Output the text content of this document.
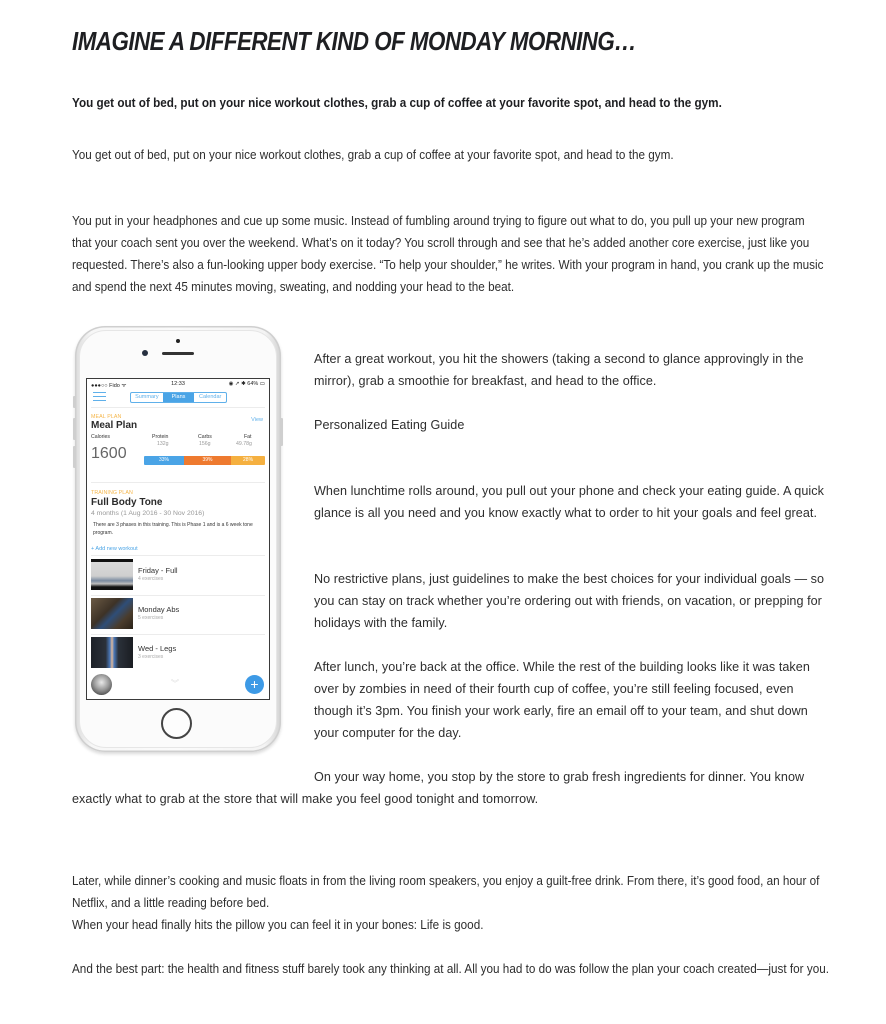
IMAGINE A DIFFERENT KIND OF MONDAY MORNING…

You get out of bed, put on your nice workout clothes, grab a cup of coffee at your favorite spot, and head to the gym.

You get out of bed, put on your nice workout clothes, grab a cup of coffee at your favorite spot, and head to the gym.

You put in your headphones and cue up some music. Instead of fumbling around trying to figure out what to do, you pull up your new program that your coach sent you over the weekend. What’s on it today? You scroll through and see that he’s added another core exercise, just like you requested. There’s also a fun-looking upper body exercise. “To help your shoulder,” he writes. With your program in hand, you crank up the music and spend the next 45 minutes moving, sweating, and nodding your head to the beat.

After a great workout, you hit the showers (taking a second to glance approvingly in the mirror), grab a smoothie for breakfast, and head to the office.

Personalized Eating Guide

When lunchtime rolls around, you pull out your phone and check your eating guide. A quick glance is all you need and you know exactly what to order to hit your goals and feel great.

No restrictive plans, just guidelines to make the best choices for your individual goals — so you can stay on track whether you’re ordering out with friends, on vacation, or prepping for holidays with the family.

After lunch, you’re back at the office. While the rest of the building looks like it was taken over by zombies in need of their fourth cup of coffee, you’re still feeling focused, even though it’s 3pm. You finish your work early, fire an email off to your team, and shut down your computer for the day.

On your way home, you stop by the store to grab fresh ingredients for dinner. You know exactly what to grab at the store that will make you feel good tonight and tomorrow.

Later, while dinner’s cooking and music floats in from the living room speakers, you enjoy a guilt-free drink. From there, it’s good food, an hour of Netflix, and a little reading before bed.

When your head finally hits the pillow you can feel it in your bones: Life is good.

And the best part: the health and fitness stuff barely took any thinking at all. All you had to do was follow the plan your coach created—just for you.

●●●○○ Fido ᯤ	12:33	◉ ➚ ✱ 64% ▭
Summary	Plans	Calendar
MEAL PLAN	View
Meal Plan
Calories
1600
Protein
132g
Carbs
156g
Fat
49.78g
33%	39%	28%
TRAINING PLAN
Full Body Tone
4 months (1 Aug 2016 - 30 Nov 2016)
There are 3 phases in this training. This is Phase 1 and is a 6 week tone program.
+ Add new workout
Friday - Full
4 exercises
Monday Abs
5 exercises
Wed - Legs
3 exercises
︾	+
